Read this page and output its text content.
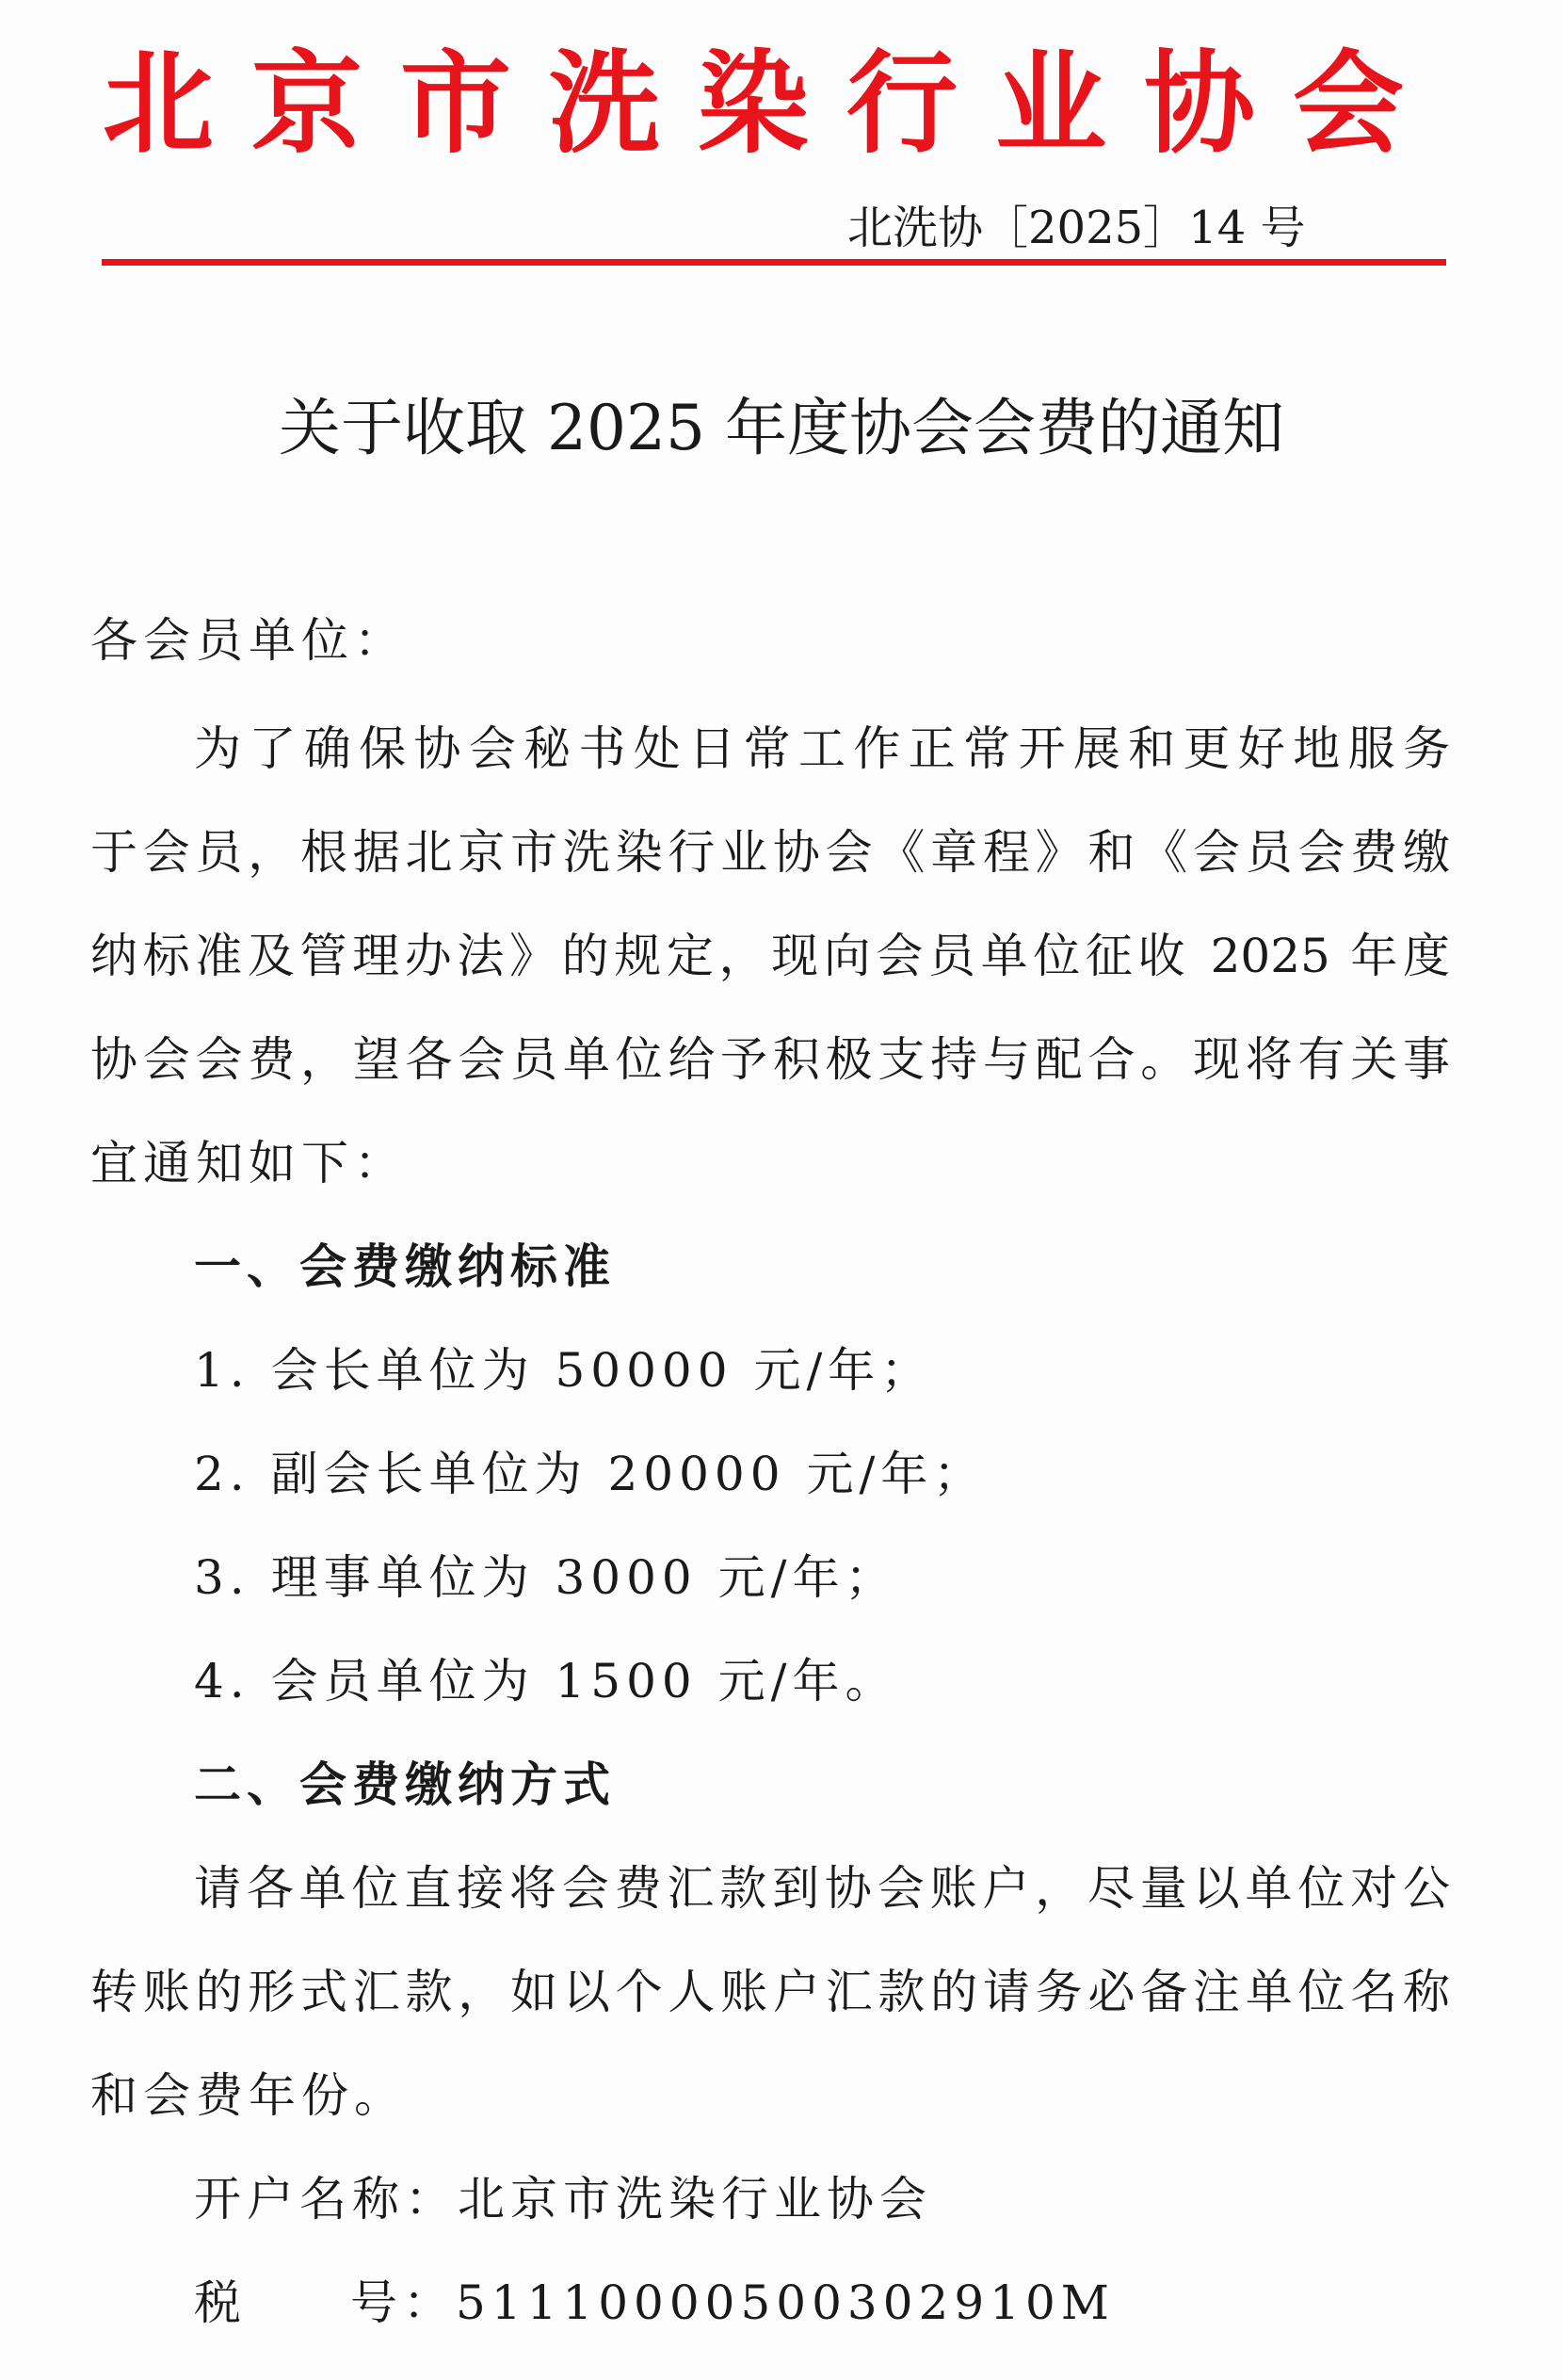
北京市洗染行业协会
北洗协［2025］14 号
关于收取 2025 年度协会会费的通知
各会员单位：
为了确保协会秘书处日常工作正常开展和更好地服务
于会员，根据北京市洗染行业协会《章程》和《会员会费缴
纳标准及管理办法》的规定，现向会员单位征收 2025 年度
协会会费，望各会员单位给予积极支持与配合。现将有关事
宜通知如下：
一、会费缴纳标准
1. 会长单位为 50000 元/年；
2. 副会长单位为 20000 元/年；
3. 理事单位为 3000 元/年；
4. 会员单位为 1500 元/年。
二、会费缴纳方式
请各单位直接将会费汇款到协会账户，尽量以单位对公
转账的形式汇款，如以个人账户汇款的请务必备注单位名称
和会费年份。
开户名称：北京市洗染行业协会
税 号：51110000500302910M
